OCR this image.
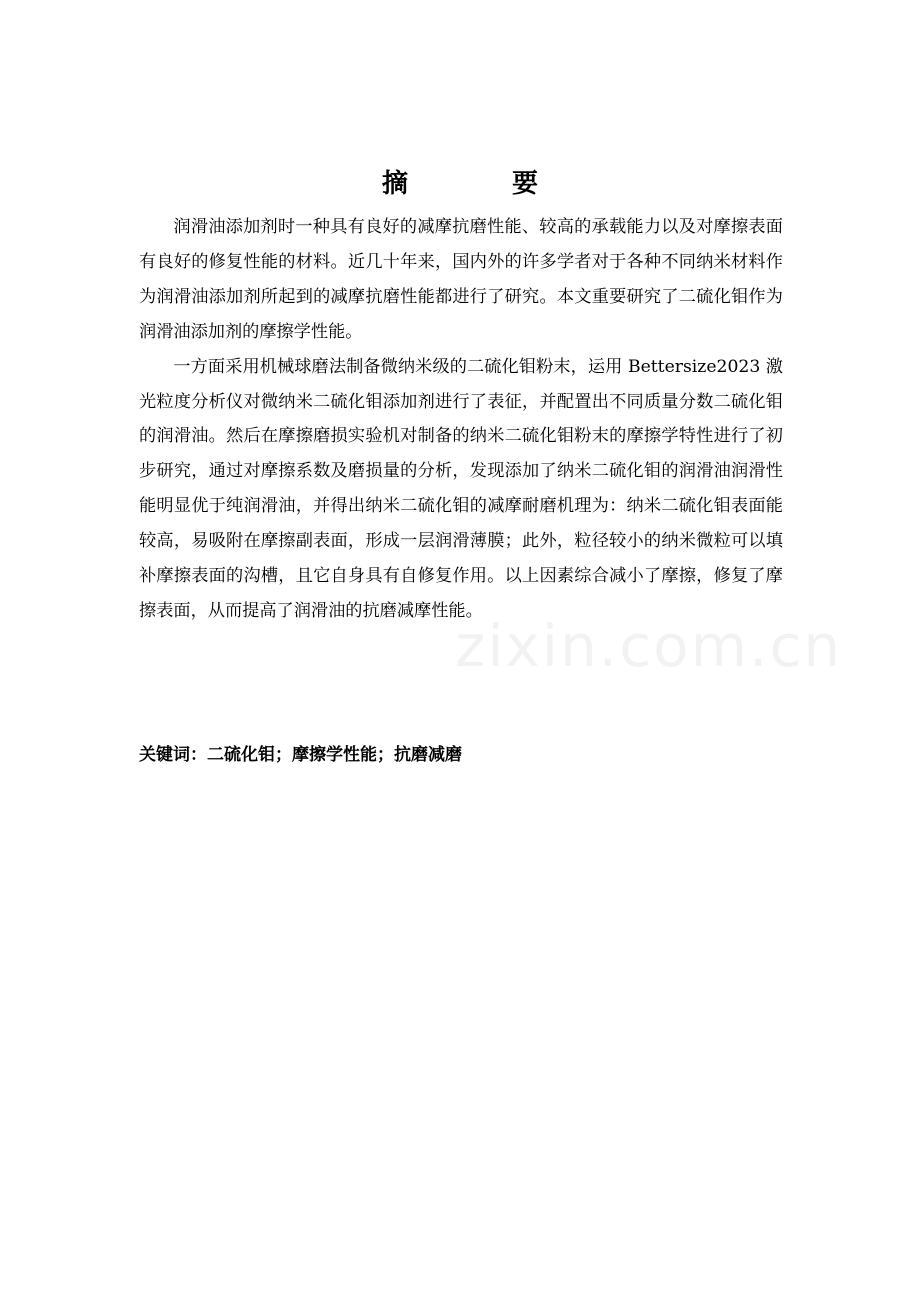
摘	要

润滑油添加剂时一种具有良好的减摩抗磨性能、较高的承载能力以及对摩擦表面有良好的修复性能的材料。近几十年来，国内外的许多学者对于各种不同纳米材料作为润滑油添加剂所起到的减摩抗磨性能都进行了研究。本文重要研究了二硫化钼作为润滑油添加剂的摩擦学性能。

一方面采用机械球磨法制备微纳米级的二硫化钼粉末，运用 Bettersize2023 激光粒度分析仪对微纳米二硫化钼添加剂进行了表征，并配置出不同质量分数二硫化钼的润滑油。然后在摩擦磨损实验机对制备的纳米二硫化钼粉末的摩擦学特性进行了初步研究，通过对摩擦系数及磨损量的分析，发现添加了纳米二硫化钼的润滑油润滑性能明显优于纯润滑油，并得出纳米二硫化钼的减摩耐磨机理为：纳米二硫化钼表面能较高，易吸附在摩擦副表面，形成一层润滑薄膜；此外，粒径较小的纳米微粒可以填补摩擦表面的沟槽，且它自身具有自修复作用。以上因素综合减小了摩擦，修复了摩擦表面，从而提高了润滑油的抗磨减摩性能。

关键词：二硫化钼；摩擦学性能；抗磨减磨
zixin.com.cn
